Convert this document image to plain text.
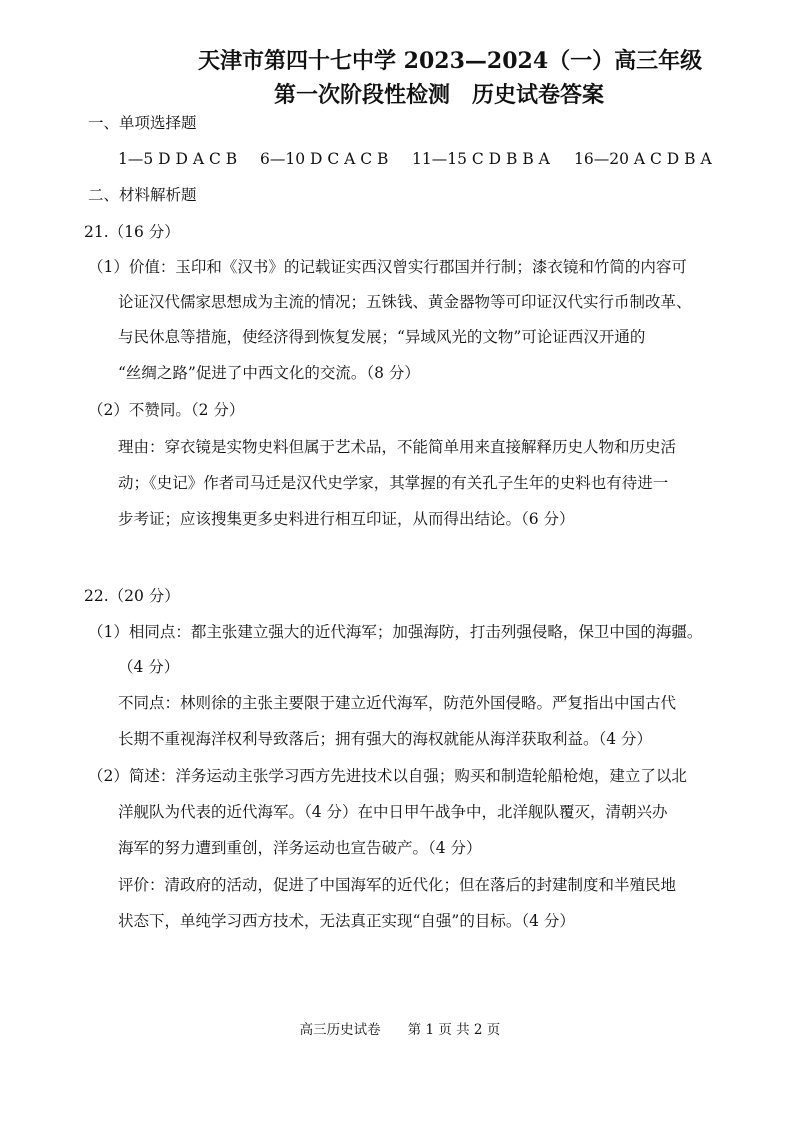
天津市第四十七中学 2023—2024（一）高三年级
第一次阶段性检测　历史试卷答案
一、单项选择题
1—5 D D A C B 6—10 D C A C B 11—15 C D B B A 16—20 A C D B A
二、材料解析题
21.（16 分）
（1）价值：玉印和《汉书》的记载证实西汉曾实行郡国并行制；漆衣镜和竹简的内容可
论证汉代儒家思想成为主流的情况；五铢钱、黄金器物等可印证汉代实行币制改革、
与民休息等措施，使经济得到恢复发展；“异域风光的文物”可论证西汉开通的
“丝绸之路”促进了中西文化的交流。（8 分）
（2）不赞同。（2 分）
理由：穿衣镜是实物史料但属于艺术品，不能简单用来直接解释历史人物和历史活
动；《史记》作者司马迁是汉代史学家，其掌握的有关孔子生年的史料也有待进一
步考证；应该搜集更多史料进行相互印证，从而得出结论。（6 分）
22.（20 分）
（1）相同点：都主张建立强大的近代海军；加强海防，打击列强侵略，保卫中国的海疆。
（4 分）
不同点：林则徐的主张主要限于建立近代海军，防范外国侵略。严复指出中国古代
长期不重视海洋权利导致落后；拥有强大的海权就能从海洋获取利益。（4 分）
（2）简述：洋务运动主张学习西方先进技术以自强；购买和制造轮船枪炮，建立了以北
洋舰队为代表的近代海军。（4 分）在中日甲午战争中，北洋舰队覆灭，清朝兴办
海军的努力遭到重创，洋务运动也宣告破产。（4 分）
评价：清政府的活动，促进了中国海军的近代化；但在落后的封建制度和半殖民地
状态下，单纯学习西方技术，无法真正实现“自强”的目标。（4 分）
高三历史试卷　　第 1 页 共 2 页
